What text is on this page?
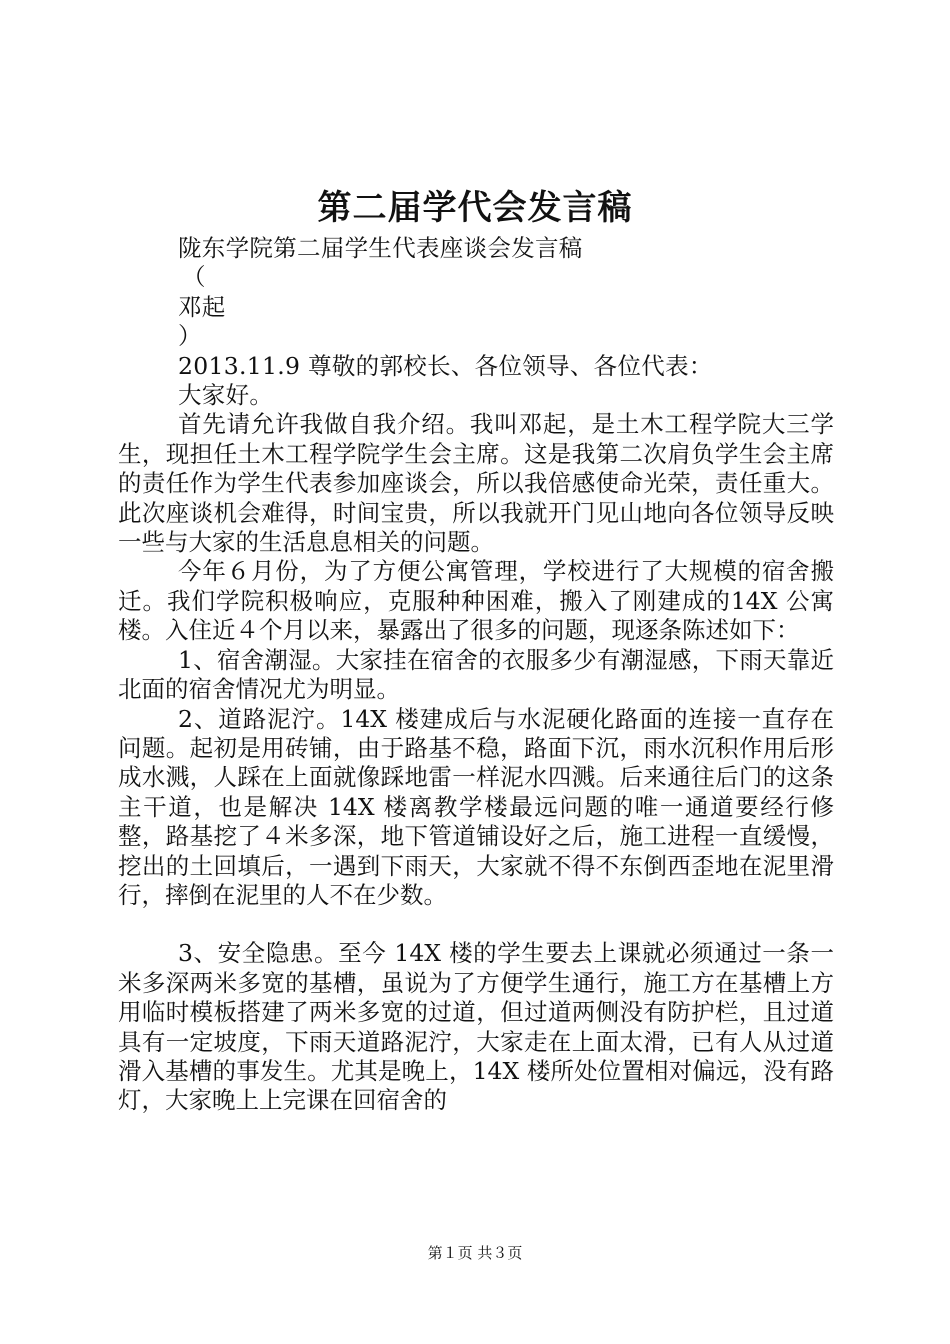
第二届学代会发言稿
陇东学院第二届学生代表座谈会发言稿
（
邓起
）
2013.11.9 尊敬的郭校长、各位领导、各位代表：
大家好。
首先请允许我做自我介绍。我叫邓起，是土木工程学院大三学生，现担任土木工程学院学生会主席。这是我第二次肩负学生会主席的责任作为学生代表参加座谈会，所以我倍感使命光荣，责任重大。此次座谈机会难得，时间宝贵，所以我就开门见山地向各位领导反映一些与大家的生活息息相关的问题。
今年６月份，为了方便公寓管理，学校进行了大规模的宿舍搬迁。我们学院积极响应，克服种种困难，搬入了刚建成的14X 公寓楼。入住近４个月以来，暴露出了很多的问题，现逐条陈述如下：
1、宿舍潮湿。大家挂在宿舍的衣服多少有潮湿感，下雨天靠近北面的宿舍情况尤为明显。
2、道路泥泞。14X 楼建成后与水泥硬化路面的连接一直存在问题。起初是用砖铺，由于路基不稳，路面下沉，雨水沉积作用后形成水溅，人踩在上面就像踩地雷一样泥水四溅。后来通往后门的这条主干道，也是解决 14X 楼离教学楼最远问题的唯一通道要经行修整，路基挖了４米多深，地下管道铺设好之后，施工进程一直缓慢，挖出的土回填后，一遇到下雨天，大家就不得不东倒西歪地在泥里滑行，摔倒在泥里的人不在少数。
3、安全隐患。至今 14X 楼的学生要去上课就必须通过一条一米多深两米多宽的基槽，虽说为了方便学生通行，施工方在基槽上方用临时模板搭建了两米多宽的过道，但过道两侧没有防护栏，且过道具有一定坡度，下雨天道路泥泞，大家走在上面太滑，已有人从过道滑入基槽的事发生。尤其是晚上，14X 楼所处位置相对偏远，没有路灯，大家晚上上完课在回宿舍的
第１页 共３页
